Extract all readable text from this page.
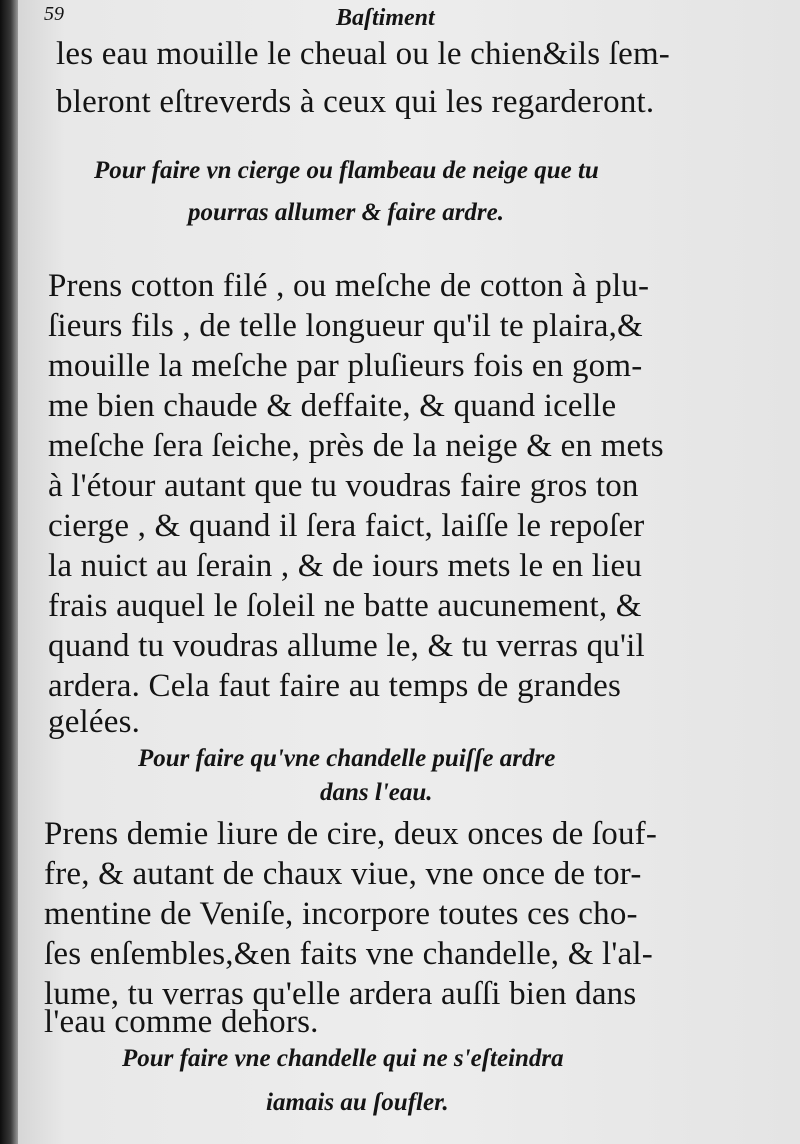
59	Baſtiment
les eau mouille le cheual ou le chien&ils ſem-
bleront eſtreverds à ceux qui les regarderont.
Pour faire vn cierge ou flambeau de neige que tu
pourras allumer & faire ardre.
Prens cotton filé , ou meſche de cotton à plu-
ſieurs fils , de telle longueur qu'il te plaira,&
mouille la meſche par pluſieurs fois en gom-
me bien chaude & deffaite, & quand icelle
meſche ſera ſeiche, près de la neige & en mets
à l'étour autant que tu voudras faire gros ton
cierge , & quand il ſera faict, laiſſe le repoſer
la nuict au ſerain , & de iours mets le en lieu
frais auquel le ſoleil ne batte aucunement, &
quand tu voudras allume le, & tu verras qu'il
ardera. Cela faut faire au temps de grandes
gelées.
Pour faire qu'vne chandelle puiſſe ardre
dans l'eau.
Prens demie liure de cire, deux onces de ſouf-
fre, & autant de chaux viue, vne once de tor-
mentine de Veniſe, incorpore toutes ces cho-
ſes enſembles,&en faits vne chandelle, & l'al-
lume, tu verras qu'elle ardera auſſi bien dans
l'eau comme dehors.
Pour faire vne chandelle qui ne s'eſteindra
iamais au ſoufler.
